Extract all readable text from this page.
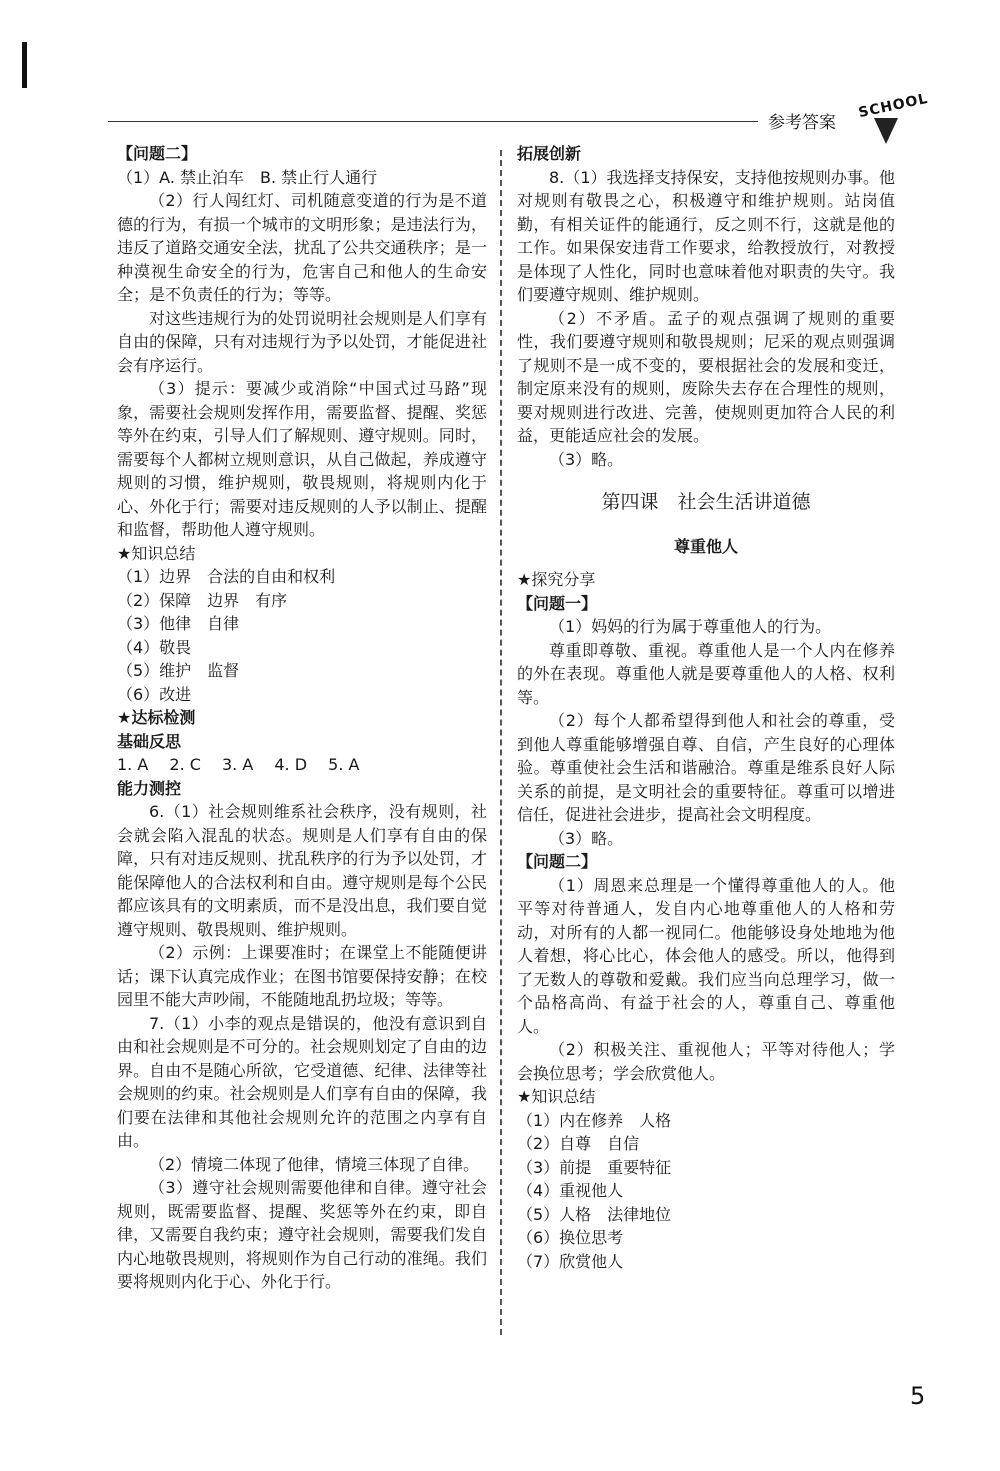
参考答案
SCHOOL

【问题二】

（1）A. 禁止泊车　B. 禁止行人通行

（2）行人闯红灯、司机随意变道的行为是不道德的行为，有损一个城市的文明形象；是违法行为，违反了道路交通安全法，扰乱了公共交通秩序；是一种漠视生命安全的行为，危害自己和他人的生命安全；是不负责任的行为；等等。

对这些违规行为的处罚说明社会规则是人们享有自由的保障，只有对违规行为予以处罚，才能促进社会有序运行。

（3）提示：要减少或消除“中国式过马路”现象，需要社会规则发挥作用，需要监督、提醒、奖惩等外在约束，引导人们了解规则、遵守规则。同时，需要每个人都树立规则意识，从自己做起，养成遵守规则的习惯，维护规则，敬畏规则，将规则内化于心、外化于行；需要对违反规则的人予以制止、提醒和监督，帮助他人遵守规则。

★知识总结

（1）边界　合法的自由和权利

（2）保障　边界　有序

（3）他律　自律

（4）敬畏

（5）维护　监督

（6）改进

★达标检测

基础反思

1. A　 2. C　 3. A　 4. D　 5. A

能力测控

6.（1）社会规则维系社会秩序，没有规则，社会就会陷入混乱的状态。规则是人们享有自由的保障，只有对违反规则、扰乱秩序的行为予以处罚，才能保障他人的合法权利和自由。遵守规则是每个公民都应该具有的文明素质，而不是没出息，我们要自觉遵守规则、敬畏规则、维护规则。

（2）示例：上课要准时；在课堂上不能随便讲话；课下认真完成作业；在图书馆要保持安静；在校园里不能大声吵闹，不能随地乱扔垃圾；等等。

7.（1）小李的观点是错误的，他没有意识到自由和社会规则是不可分的。社会规则划定了自由的边界。自由不是随心所欲，它受道德、纪律、法律等社会规则的约束。社会规则是人们享有自由的保障，我们要在法律和其他社会规则允许的范围之内享有自由。

（2）情境二体现了他律，情境三体现了自律。

（3）遵守社会规则需要他律和自律。遵守社会规则，既需要监督、提醒、奖惩等外在约束，即自律，又需要自我约束；遵守社会规则，需要我们发自内心地敬畏规则，将规则作为自己行动的准绳。我们要将规则内化于心、外化于行。

拓展创新

8.（1）我选择支持保安，支持他按规则办事。他对规则有敬畏之心，积极遵守和维护规则。站岗值勤，有相关证件的能通行，反之则不行，这就是他的工作。如果保安违背工作要求，给教授放行，对教授是体现了人性化，同时也意味着他对职责的失守。我们要遵守规则、维护规则。

（2）不矛盾。孟子的观点强调了规则的重要性，我们要遵守规则和敬畏规则；尼采的观点则强调了规则不是一成不变的，要根据社会的发展和变迁，制定原来没有的规则，废除失去存在合理性的规则，要对规则进行改进、完善，使规则更加符合人民的利益，更能适应社会的发展。

（3）略。

第四课　社会生活讲道德

尊重他人

★探究分享

【问题一】

（1）妈妈的行为属于尊重他人的行为。

尊重即尊敬、重视。尊重他人是一个人内在修养的外在表现。尊重他人就是要尊重他人的人格、权利等。

（2）每个人都希望得到他人和社会的尊重，受到他人尊重能够增强自尊、自信，产生良好的心理体验。尊重使社会生活和谐融洽。尊重是维系良好人际关系的前提，是文明社会的重要特征。尊重可以增进信任，促进社会进步，提高社会文明程度。

（3）略。

【问题二】

（1）周恩来总理是一个懂得尊重他人的人。他平等对待普通人，发自内心地尊重他人的人格和劳动，对所有的人都一视同仁。他能够设身处地地为他人着想，将心比心，体会他人的感受。所以，他得到了无数人的尊敬和爱戴。我们应当向总理学习，做一个品格高尚、有益于社会的人，尊重自己、尊重他人。

（2）积极关注、重视他人；平等对待他人；学会换位思考；学会欣赏他人。

★知识总结

（1）内在修养　人格

（2）自尊　自信

（3）前提　重要特征

（4）重视他人

（5）人格　法律地位

（6）换位思考

（7）欣赏他人

5
